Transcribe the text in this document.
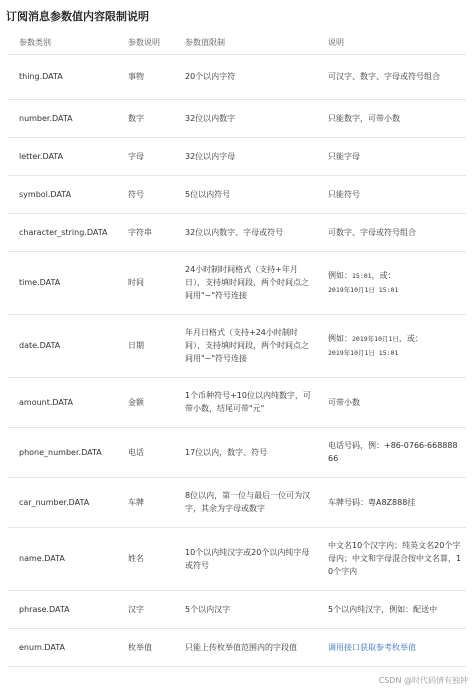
订阅消息参数值内容限制说明
参数类别	参数说明	参数值限制	说明
thing.DATA	事物	20个以内字符	可汉字、数字、字母或符号组合
number.DATA	数字	32位以内数字	只能数字，可带小数
letter.DATA	字母	32位以内字母	只能字母
symbol.DATA	符号	5位以内符号	只能符号
character_string.DATA	字符串	32位以内数字、字母或符号	可数字、字母或符号组合
time.DATA	时间	24小时制时间格式（支持+年月日），支持填时间段，两个时间点之间用"~"符号连接	例如：15:01，或：
2019年10月1日 15:01
date.DATA	日期	年月日格式（支持+24小时制时间），支持填时间段，两个时间点之间用"~"符号连接	例如：2019年10月1日，或：
2019年10月1日 15:01
amount.DATA	金额	1个币种符号+10位以内纯数字，可带小数，结尾可带"元"	可带小数
phone_number.DATA	电话	17位以内，数字、符号	电话号码，例：+86-0766-66888866
car_number.DATA	车牌	8位以内，第一位与最后一位可为汉字，其余为字母或数字	车牌号码：粤A8Z888挂
name.DATA	姓名	10个以内纯汉字或20个以内纯字母或符号	中文名10个汉字内；纯英文名20个字母内；中文和字母混合按中文名算，10个字内
phrase.DATA	汉字	5个以内汉字	5个以内纯汉字，例如：配送中
enum.DATA	枚举值	只能上传枚举值范围内的字段值	调用接口获取参考枚举值
CSDN @时代码情有独钟
